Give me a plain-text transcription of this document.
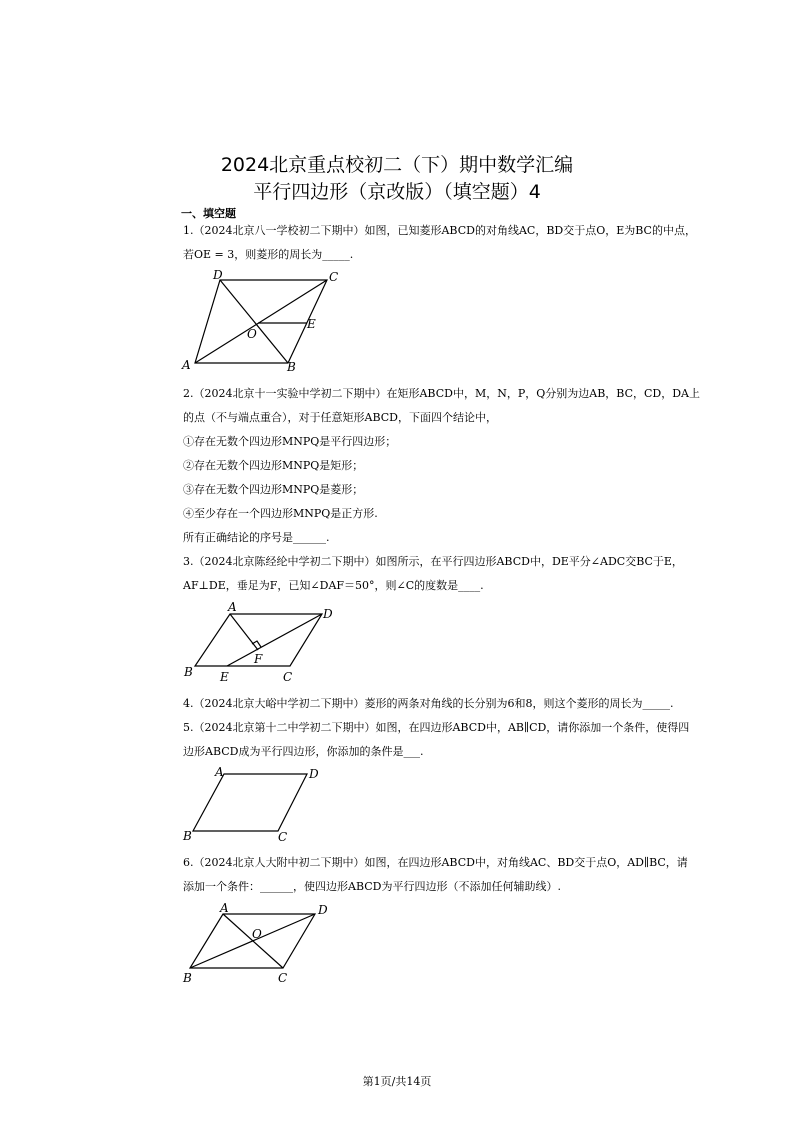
2024北京重点校初二（下）期中数学汇编
平行四边形（京改版）（填空题）4
一、填空题
1.（2024北京八一学校初二下期中）如图，已知菱形ABCD的对角线AC，BD交于点O，E为BC的中点，
若OE = 3，则菱形的周长为_____.
D	C
O
E
A	B
2.（2024北京十一实验中学初二下期中）在矩形ABCD中，M，N，P，Q分别为边AB，BC，CD，DA上
的点（不与端点重合），对于任意矩形ABCD，下面四个结论中，
①存在无数个四边形MNPQ是平行四边形；
②存在无数个四边形MNPQ是矩形；
③存在无数个四边形MNPQ是菱形；
④至少存在一个四边形MNPQ是正方形.
所有正确结论的序号是______.
3.（2024北京陈经纶中学初二下期中）如图所示，在平行四边形ABCD中，DE平分∠ADC交BC于E，
AF⊥DE，垂足为F，已知∠DAF＝50°，则∠C的度数是____.
A	D
F
B E	C
4.（2024北京大峪中学初二下期中）菱形的两条对角线的长分别为6和8，则这个菱形的周长为_____.
5.（2024北京第十二中学初二下期中）如图，在四边形ABCD中，AB∥CD，请你添加一个条件，使得四
边形ABCD成为平行四边形，你添加的条件是___.
A	D
B	C
6.（2024北京人大附中初二下期中）如图，在四边形ABCD中，对角线AC、BD交于点O，AD∥BC，请
添加一个条件：______，使四边形ABCD为平行四边形（不添加任何辅助线）.
A	D
O
B	C
第1页/共14页
